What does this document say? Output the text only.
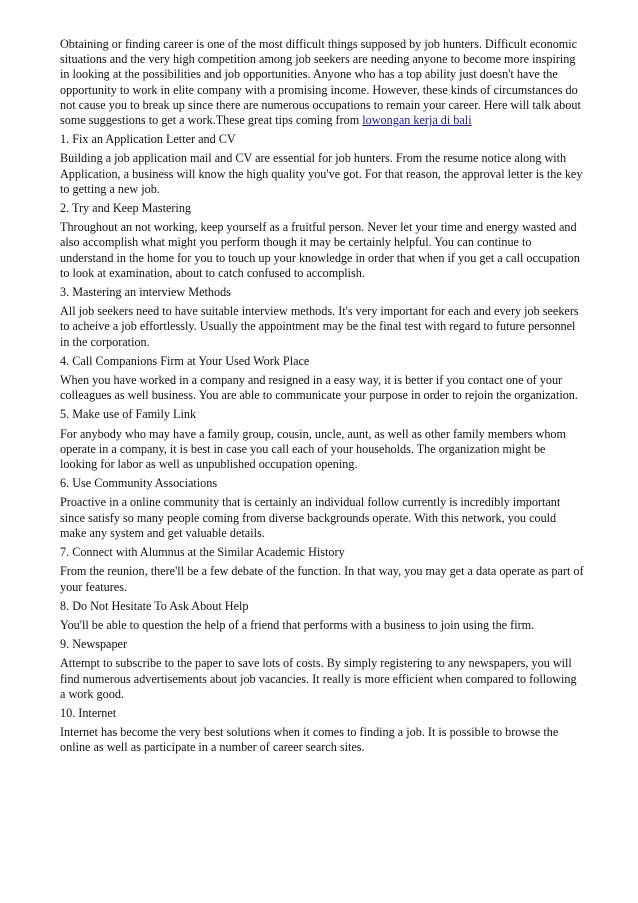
Obtaining or finding career is one of the most difficult things supposed by job hunters. Difficult economic situations and the very high competition among job seekers are needing anyone to become more inspiring in looking at the possibilities and job opportunities. Anyone who has a top ability just doesn't have the opportunity to work in elite company with a promising income. However, these kinds of circumstances do not cause you to break up since there are numerous occupations to remain your career. Here will talk about some suggestions to get a work.These great tips coming from lowongan kerja di bali

1. Fix an Application Letter and CV

Building a job application mail and CV are essential for job hunters. From the resume notice along with Application, a business will know the high quality you've got. For that reason, the approval letter is the key to getting a new job.

2. Try and Keep Mastering

Throughout an not working, keep yourself as a fruitful person. Never let your time and energy wasted and also accomplish what might you perform though it may be certainly helpful. You can continue to understand in the home for you to touch up your knowledge in order that when if you get a call occupation to look at examination, about to catch confused to accomplish.

3. Mastering an interview Methods

All job seekers need to have suitable interview methods. It's very important for each and every job seekers to acheive a job effortlessly. Usually the appointment may be the final test with regard to future personnel in the corporation.

4. Call Companions Firm at Your Used Work Place

When you have worked in a company and resigned in a easy way, it is better if you contact one of your colleagues as well business. You are able to communicate your purpose in order to rejoin the organization.

5. Make use of Family Link

For anybody who may have a family group, cousin, uncle, aunt, as well as other family members whom operate in a company, it is best in case you call each of your households. The organization might be looking for labor as well as unpublished occupation opening.

6. Use Community Associations

Proactive in a online community that is certainly an individual follow currently is incredibly important since satisfy so many people coming from diverse backgrounds operate. With this network, you could make any system and get valuable details.

7. Connect with Alumnus at the Similar Academic History

From the reunion, there'll be a few debate of the function. In that way, you may get a data operate as part of your features.

8. Do Not Hesitate To Ask About Help

You'll be able to question the help of a friend that performs with a business to join using the firm.

9. Newspaper

Attempt to subscribe to the paper to save lots of costs. By simply registering to any newspapers, you will find numerous advertisements about job vacancies. It really is more efficient when compared to following a work good.

10. Internet

Internet has become the very best solutions when it comes to finding a job. It is possible to browse the online as well as participate in a number of career search sites.
